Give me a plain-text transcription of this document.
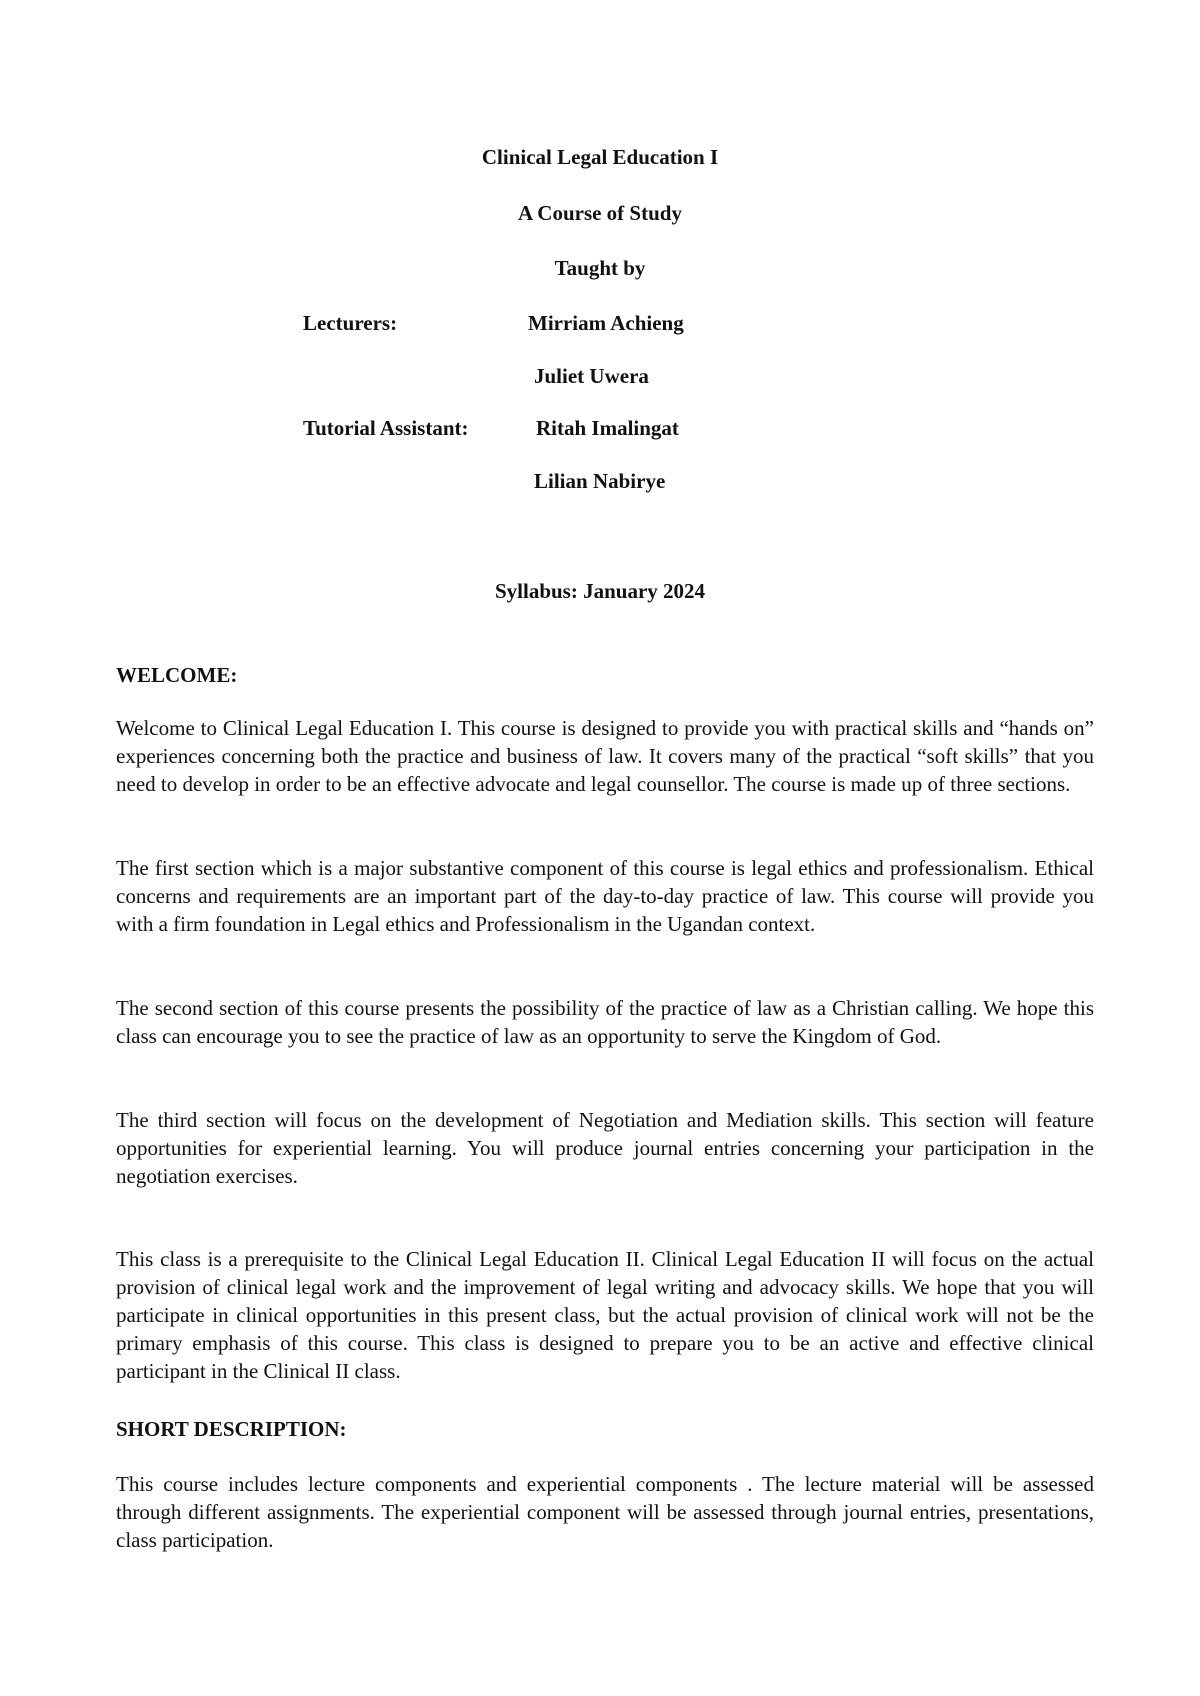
Clinical Legal Education I
A Course of Study
Taught by
Lecturers:	Mirriam Achieng
Juliet Uwera
Tutorial Assistant:	Ritah Imalingat
Lilian Nabirye
Syllabus: January 2024
WELCOME:

Welcome to Clinical Legal Education I. This course is designed to provide you with practical skills and “hands on” experiences concerning both the practice and business of law. It covers many of the practical “soft skills” that you need to develop in order to be an effective advocate and legal counsellor. The course is made up of three sections.

The first section which is a major substantive component of this course is legal ethics and professionalism. Ethical concerns and requirements are an important part of the day-to-day practice of law. This course will provide you with a firm foundation in Legal ethics and Professionalism in the Ugandan context.

The second section of this course presents the possibility of the practice of law as a Christian calling. We hope this class can encourage you to see the practice of law as an opportunity to serve the Kingdom of God.

The third section will focus on the development of Negotiation and Mediation skills. This section will feature opportunities for experiential learning. You will produce journal entries concerning your participation in the negotiation exercises.

This class is a prerequisite to the Clinical Legal Education II. Clinical Legal Education II will focus on the actual provision of clinical legal work and the improvement of legal writing and advocacy skills. We hope that you will participate in clinical opportunities in this present class, but the actual provision of clinical work will not be the primary emphasis of this course. This class is designed to prepare you to be an active and effective clinical participant in the Clinical II class.

SHORT DESCRIPTION:

This course includes lecture components and experiential components . The lecture material will be assessed through different assignments. The experiential component will be assessed through journal entries, presentations, class participation.
